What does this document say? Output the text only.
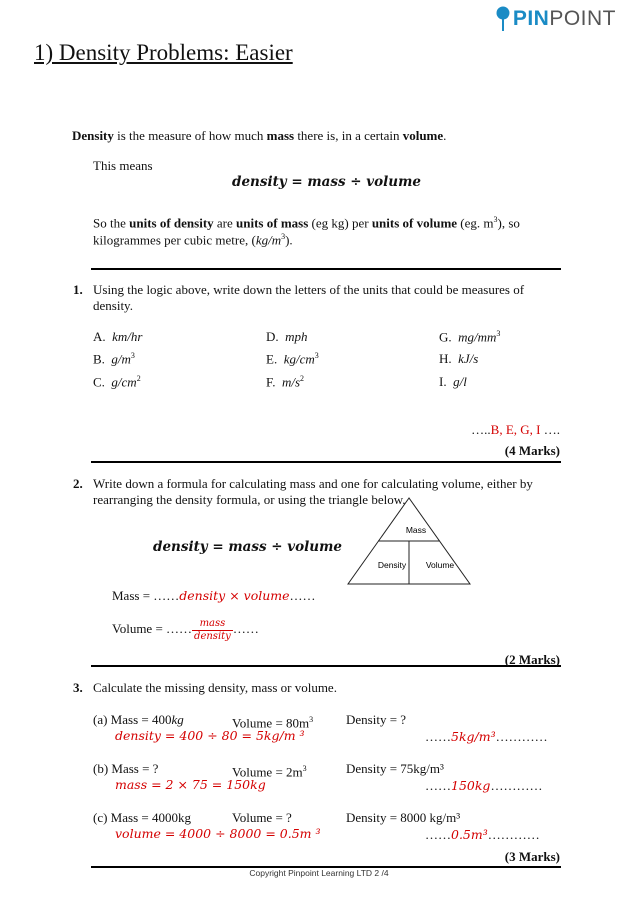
PIN POINT
1) Density Problems: Easier
Density is the measure of how much mass there is, in a certain volume.
This means
density = mass ÷ volume
So the units of density are units of mass (eg kg) per units of volume (eg. $m^3$), so
kilogrammes per cubic metre, $(kg/m^3)$.
1. Using the logic above, write down the letters of the units that could be measures of
density.
A. km/hr
B. $g/m^3$
C. $g/cm^2$
D. mph
E. $kg/cm^3$
F. $m/s^2$
G. $mg/mm^3$
H. kJ/s
I. g/l
…..B, E, G, I ….
(4 Marks)
2. Write down a formula for calculating mass and one for calculating volume, either by
rearranging the density formula, or using the triangle below.
density = mass ÷ volume
Mass
Density Volume
Mass = ……density × volume……
Volume = …… $\frac{\text{mass}}{\text{density}}$ ……
(2 Marks)
3. Calculate the missing density, mass or volume.
(a) Mass = 400kg	Volume = $80m^3$	Density = ?
density = 400 ÷ 80 = 5kg/m ³	……5kg/m³…………
(b) Mass = ?	Volume = $2m^3$	Density = 75kg/m³
mass = 2 × 75 = 150kg	……150kg…………
(c) Mass = 4000kg	Volume = ?	Density = 8000 kg/m³
volume = 4000 ÷ 8000 = 0.5m ³	……0.5m³…………
(3 Marks)
Copyright Pinpoint Learning LTD 2 /4
